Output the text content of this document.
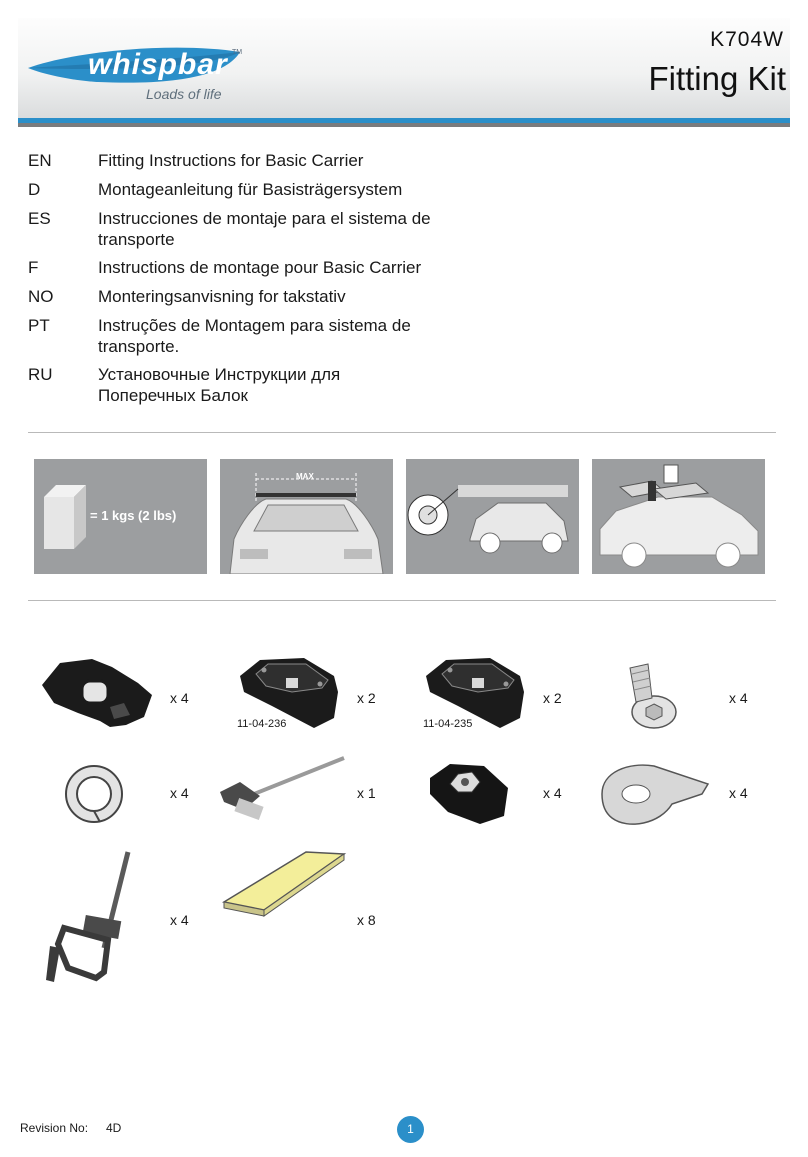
whispbar TM
Loads of life
K704W
Fitting Kit
EN	Fitting Instructions for Basic Carrier
D	Montageanleitung für Basisträgersystem
ES	Instrucciones de montaje para el sistema de transporte
F	Instructions de montage pour Basic Carrier
NO	Monteringsanvisning for takstativ
PT	Instruções de Montagem para sistema de transporte.
RU	Установочные Инструкции для Поперечных Балок
= 1 kgs (2 lbs)
MAX
x 4	x 2
11-04-236
x 2
11-04-235
x 4
x 4	x 1	x 4	x 4
x 4	x 8
Revision No: 4D	1
